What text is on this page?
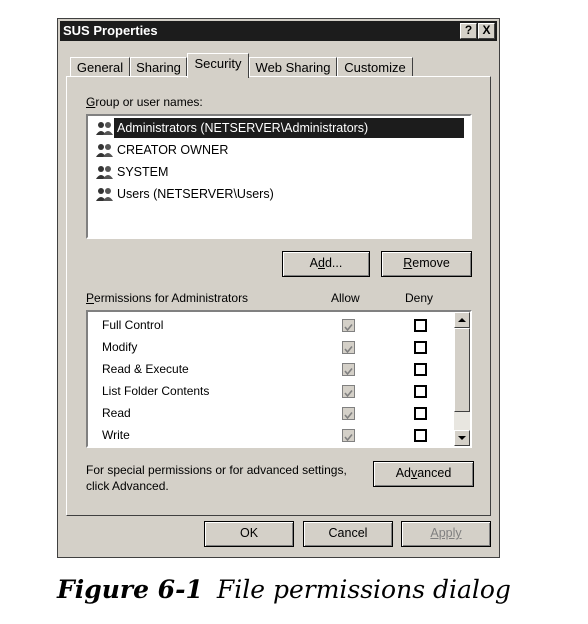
SUS Properties	? X
General Sharing	Security	Web Sharing	Customize
Group or user names:
Administrators (NETSERVER\Administrators)
CREATOR OWNER
SYSTEM
Users (NETSERVER\Users)
Add...	Remove
Permissions for Administrators	Allow	Deny
Full Control
Modify
Read & Execute
List Folder Contents
Read
Write
For special permissions or for advanced settings,
click Advanced.
Advanced
OK	Cancel	Apply
Figure 6-1 File permissions dialog
